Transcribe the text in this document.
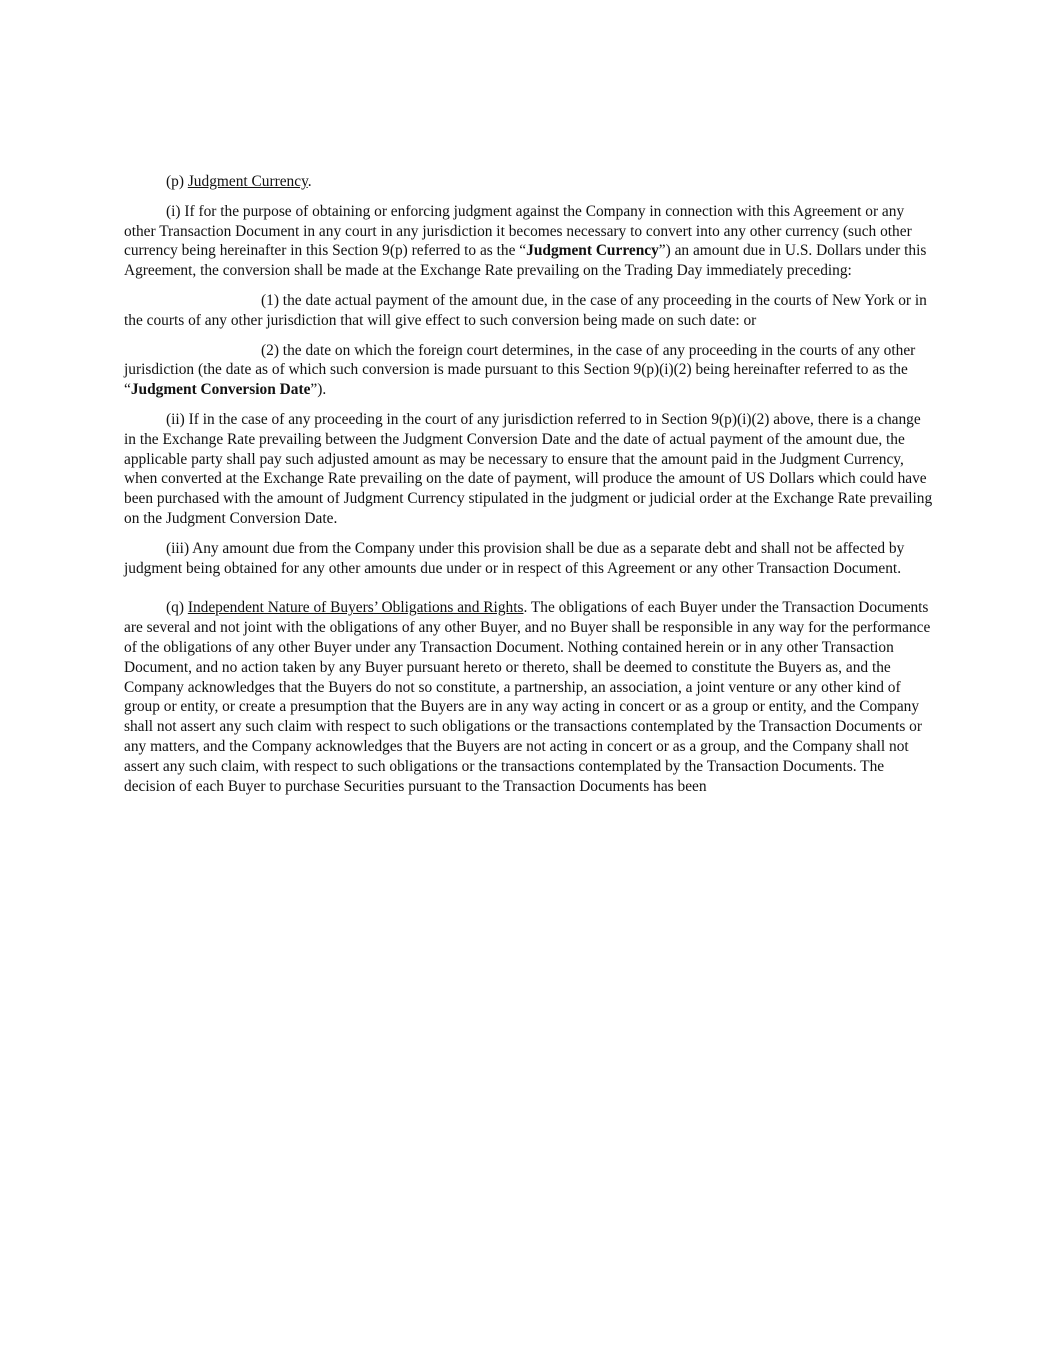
(p) Judgment Currency.

(i) If for the purpose of obtaining or enforcing judgment against the Company in connection with this Agreement or any other Transaction Document in any court in any jurisdiction it becomes necessary to convert into any other currency (such other currency being hereinafter in this Section 9(p) referred to as the “Judgment Currency”) an amount due in U.S. Dollars under this Agreement, the conversion shall be made at the Exchange Rate prevailing on the Trading Day immediately preceding:

(1) the date actual payment of the amount due, in the case of any proceeding in the courts of New York or in the courts of any other jurisdiction that will give effect to such conversion being made on such date: or

(2) the date on which the foreign court determines, in the case of any proceeding in the courts of any other jurisdiction (the date as of which such conversion is made pursuant to this Section 9(p)(i)(2) being hereinafter referred to as the “Judgment Conversion Date”).

(ii) If in the case of any proceeding in the court of any jurisdiction referred to in Section 9(p)(i)(2) above, there is a change in the Exchange Rate prevailing between the Judgment Conversion Date and the date of actual payment of the amount due, the applicable party shall pay such adjusted amount as may be necessary to ensure that the amount paid in the Judgment Currency, when converted at the Exchange Rate prevailing on the date of payment, will produce the amount of US Dollars which could have been purchased with the amount of Judgment Currency stipulated in the judgment or judicial order at the Exchange Rate prevailing on the Judgment Conversion Date.

(iii) Any amount due from the Company under this provision shall be due as a separate debt and shall not be affected by judgment being obtained for any other amounts due under or in respect of this Agreement or any other Transaction Document.

(q) Independent Nature of Buyers’ Obligations and Rights. The obligations of each Buyer under the Transaction Documents are several and not joint with the obligations of any other Buyer, and no Buyer shall be responsible in any way for the performance of the obligations of any other Buyer under any Transaction Document. Nothing contained herein or in any other Transaction Document, and no action taken by any Buyer pursuant hereto or thereto, shall be deemed to constitute the Buyers as, and the Company acknowledges that the Buyers do not so constitute, a partnership, an association, a joint venture or any other kind of group or entity, or create a presumption that the Buyers are in any way acting in concert or as a group or entity, and the Company shall not assert any such claim with respect to such obligations or the transactions contemplated by the Transaction Documents or any matters, and the Company acknowledges that the Buyers are not acting in concert or as a group, and the Company shall not assert any such claim, with respect to such obligations or the transactions contemplated by the Transaction Documents. The decision of each Buyer to purchase Securities pursuant to the Transaction Documents has been
